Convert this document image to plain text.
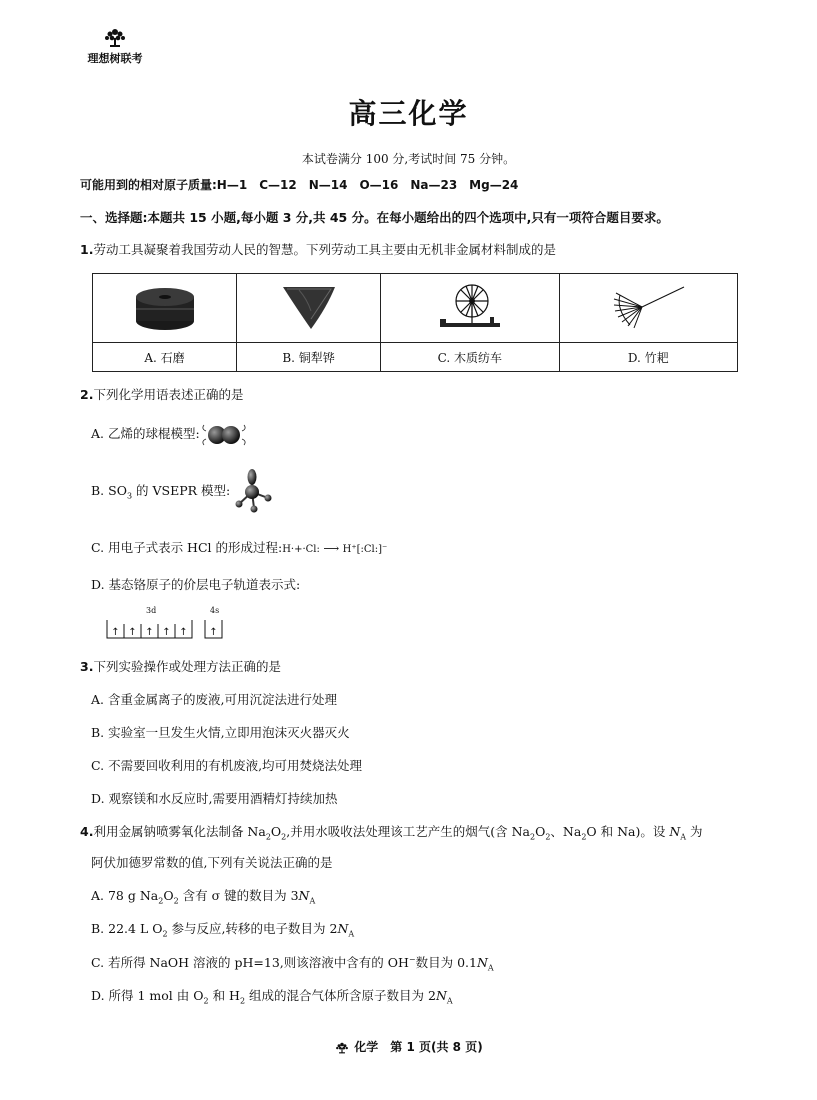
理想树联考
高三化学
本试卷满分 100 分,考试时间 75 分钟。
可能用到的相对原子质量:H—1　C—12　N—14　O—16　Na—23　Mg—24
一、选择题:本题共 15 小题,每小题 3 分,共 45 分。在每小题给出的四个选项中,只有一项符合题目要求。
1.劳动工具凝聚着我国劳动人民的智慧。下列劳动工具主要由无机非金属材料制成的是

A. 石磨	B. 铜犁铧	C. 木质纺车	D. 竹耙
2.下列化学用语表述正确的是
A. 乙烯的球棍模型:
B. $SO_3$ 的 VSEPR 模型:
C. 用电子式表示 HCl 的形成过程:H·+·Cl: ⟶ H⁺[:Cl:]⁻
D. 基态铬原子的价层电子轨道表示式:
3d	4s
↑ ↑ ↑ ↑ ↑ ↑
3.下列实验操作或处理方法正确的是
A. 含重金属离子的废液,可用沉淀法进行处理
B. 实验室一旦发生火情,立即用泡沫灭火器灭火
C. 不需要回收利用的有机废液,均可用焚烧法处理
D. 观察镁和水反应时,需要用酒精灯持续加热
4.利用金属钠喷雾氧化法制备 $Na_2O_2$,并用水吸收法处理该工艺产生的烟气(含 $Na_2O_2$、$Na_2O$ 和 Na)。设 $N_A$ 为
阿伏加德罗常数的值,下列有关说法正确的是
A. 78 g $Na_2O_2$ 含有 σ 键的数目为 $3N_A$
B. 22.4 L $O_2$ 参与反应,转移的电子数目为 $2N_A$
C. 若所得 NaOH 溶液的 pH=13,则该溶液中含有的 OH−数目为 $0.1N_A$
D. 所得 1 mol 由 $O_2$ 和 $H_2$ 组成的混合气体所含原子数目为 $2N_A$
化学　第 1 页(共 8 页)
